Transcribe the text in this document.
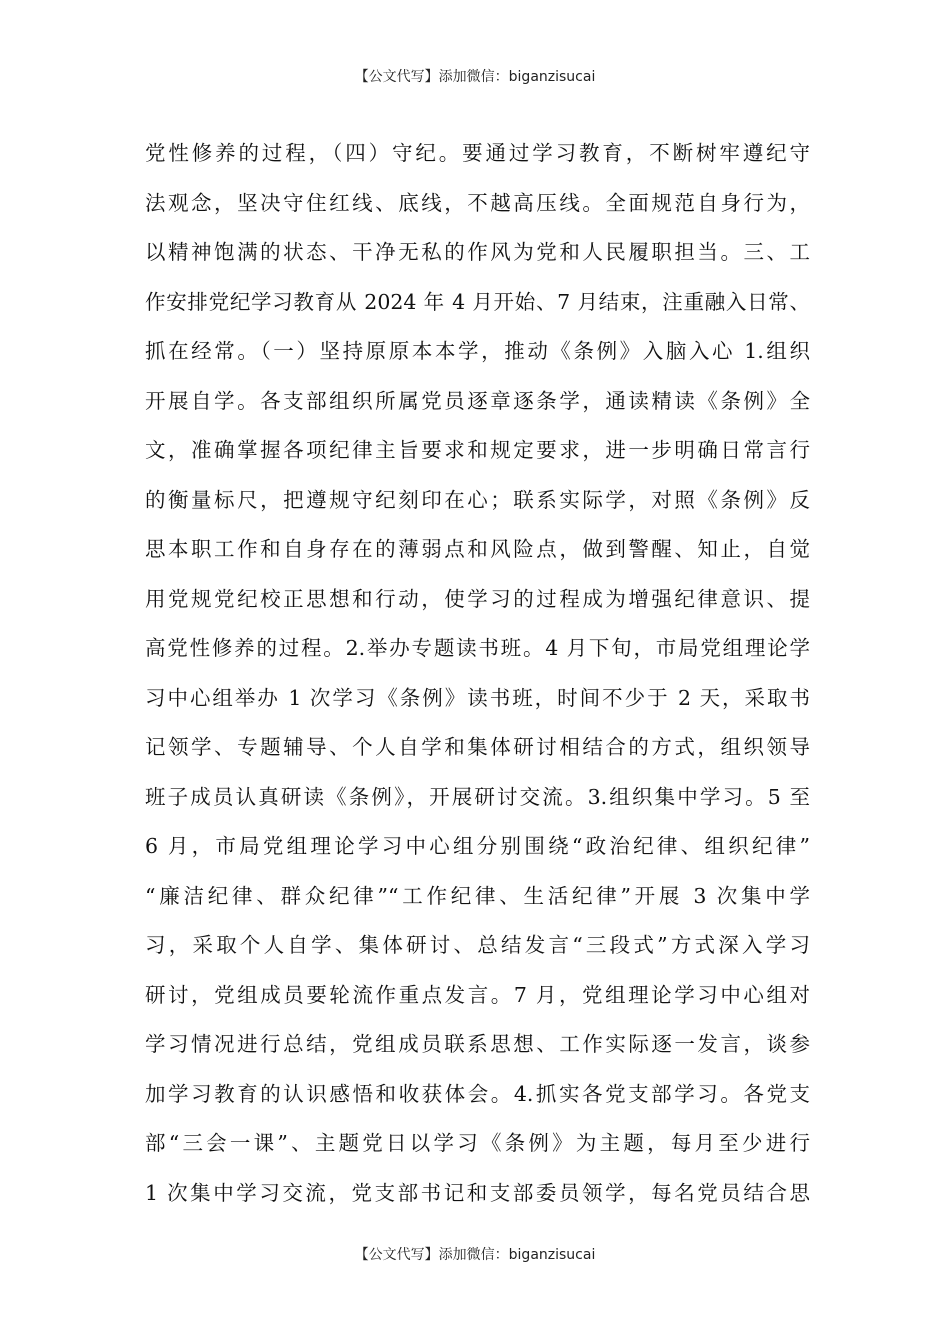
【公文代写】添加微信：biganzisucai
党性修养的过程，（四）守纪。要通过学习教育，不断树牢遵纪守
法观念，坚决守住红线、底线，不越高压线。全面规范自身行为，
以精神饱满的状态、干净无私的作风为党和人民履职担当。三、工
作安排党纪学习教育从 2024 年 4 月开始、7 月结束，注重融入日常、
抓在经常。（一）坚持原原本本学，推动《条例》入脑入心 1.组织
开展自学。各支部组织所属党员逐章逐条学，通读精读《条例》全
文，准确掌握各项纪律主旨要求和规定要求，进一步明确日常言行
的衡量标尺，把遵规守纪刻印在心；联系实际学，对照《条例》反
思本职工作和自身存在的薄弱点和风险点，做到警醒、知止，自觉
用党规党纪校正思想和行动，使学习的过程成为增强纪律意识、提
高党性修养的过程。2.举办专题读书班。4 月下旬，市局党组理论学
习中心组举办 1 次学习《条例》读书班，时间不少于 2 天，采取书
记领学、专题辅导、个人自学和集体研讨相结合的方式，组织领导
班子成员认真研读《条例》，开展研讨交流。3.组织集中学习。5 至
6 月，市局党组理论学习中心组分别围绕“政治纪律、组织纪律”
“廉洁纪律、群众纪律”“工作纪律、生活纪律”开展 3 次集中学
习，采取个人自学、集体研讨、总结发言“三段式”方式深入学习
研讨，党组成员要轮流作重点发言。7 月，党组理论学习中心组对
学习情况进行总结，党组成员联系思想、工作实际逐一发言，谈参
加学习教育的认识感悟和收获体会。4.抓实各党支部学习。各党支
部“三会一课”、主题党日以学习《条例》为主题，每月至少进行
1 次集中学习交流，党支部书记和支部委员领学，每名党员结合思
【公文代写】添加微信：biganzisucai
